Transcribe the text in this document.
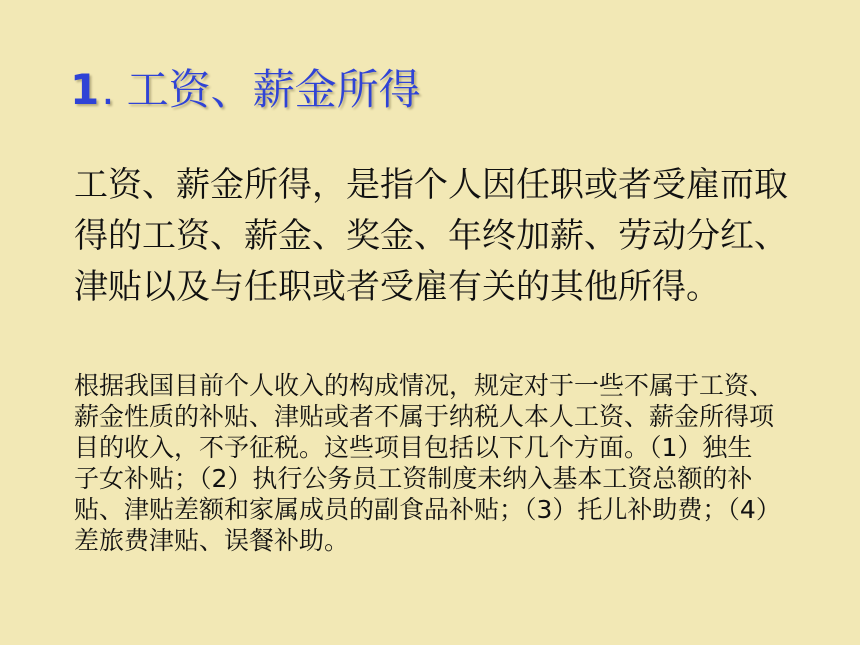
1. 工资、薪金所得

工资、薪金所得，是指个人因任职或者受雇而取得的工资、薪金、奖金、年终加薪、劳动分红、津贴以及与任职或者受雇有关的其他所得。

根据我国目前个人收入的构成情况，规定对于一些不属于工资、薪金性质的补贴、津贴或者不属于纳税人本人工资、薪金所得项目的收入，不予征税。这些项目包括以下几个方面。（1）独生子女补贴；（2）执行公务员工资制度未纳入基本工资总额的补贴、津贴差额和家属成员的副食品补贴；（3）托儿补助费；（4）差旅费津贴、误餐补助。
